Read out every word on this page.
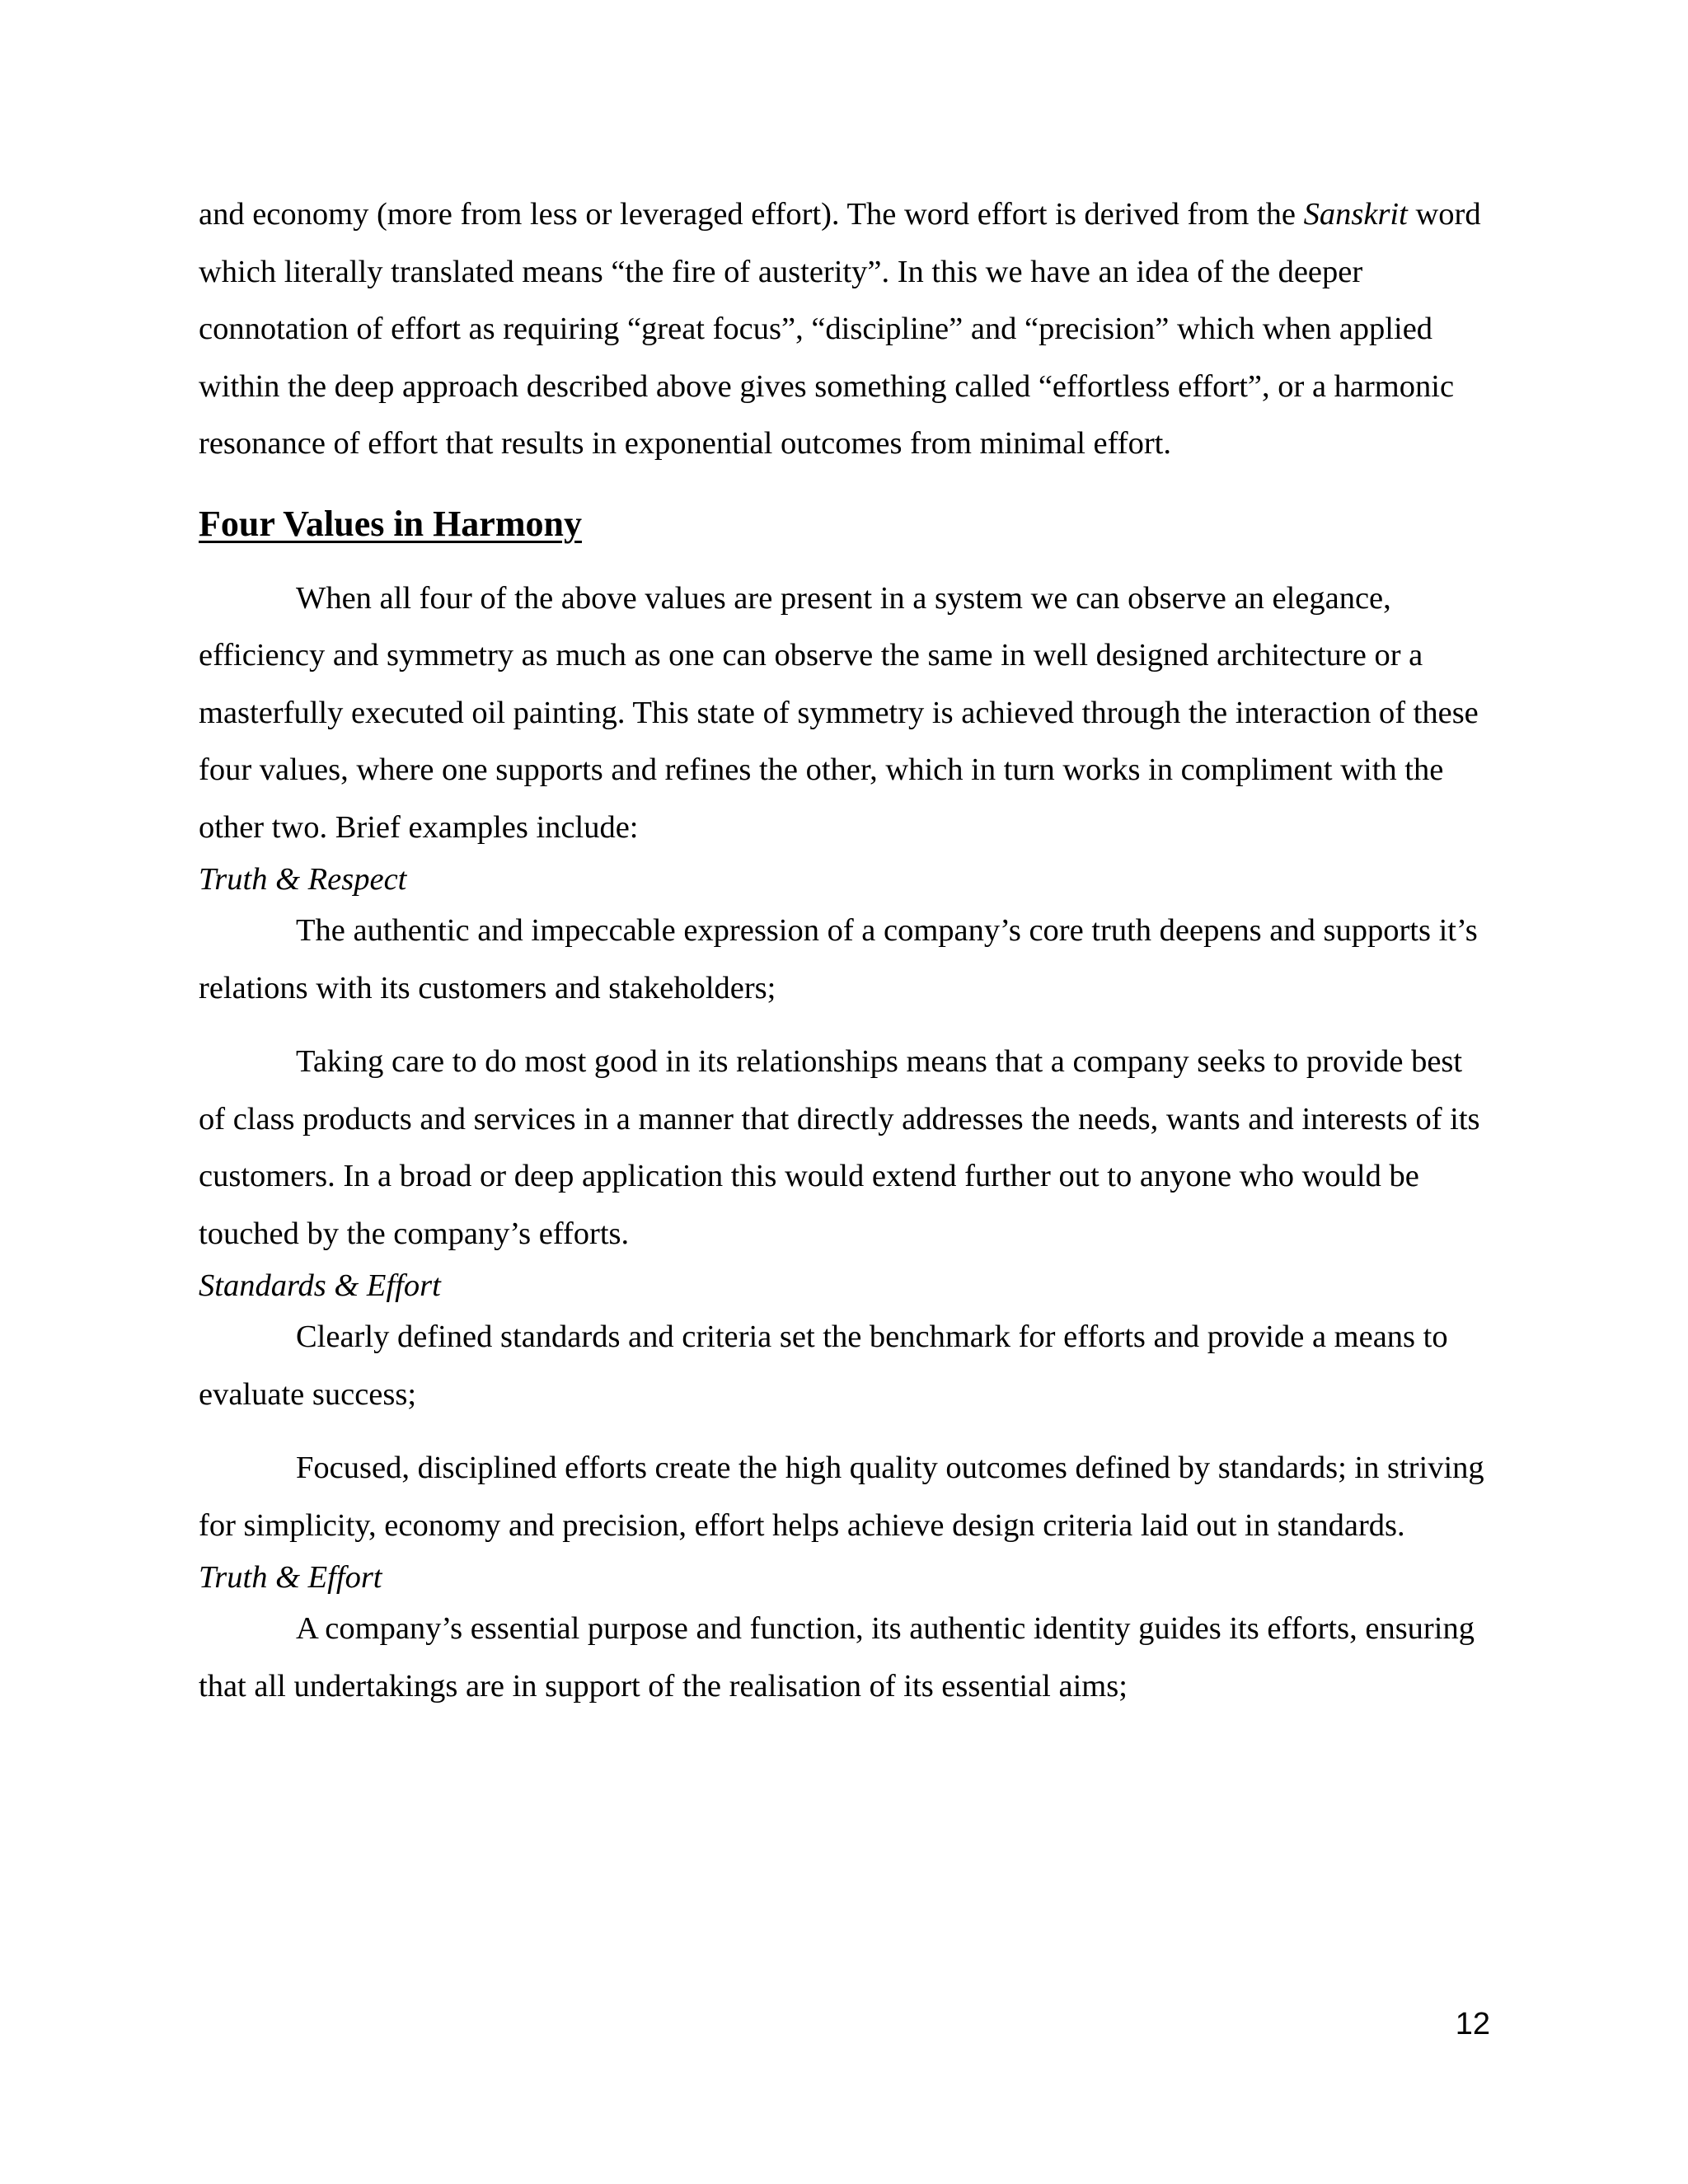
and economy (more from less or leveraged effort). The word effort is derived from the Sanskrit word which literally translated means “the fire of austerity”. In this we have an idea of the deeper connotation of effort as requiring “great focus”, “discipline” and “precision” which when applied within the deep approach described above gives something called “effortless effort”, or a harmonic resonance of effort that results in exponential outcomes from minimal effort.

Four Values in Harmony

When all four of the above values are present in a system we can observe an elegance, efficiency and symmetry as much as one can observe the same in well designed architecture or a masterfully executed oil painting. This state of symmetry is achieved through the interaction of these four values, where one supports and refines the other, which in turn works in compliment with the other two. Brief examples include:

Truth & Respect

The authentic and impeccable expression of a company’s core truth deepens and supports it’s relations with its customers and stakeholders;

Taking care to do most good in its relationships means that a company seeks to provide best of class products and services in a manner that directly addresses the needs, wants and interests of its customers. In a broad or deep application this would extend further out to anyone who would be touched by the company’s efforts.

Standards & Effort

Clearly defined standards and criteria set the benchmark for efforts and provide a means to evaluate success;

Focused, disciplined efforts create the high quality outcomes defined by standards; in striving for simplicity, economy and precision, effort helps achieve design criteria laid out in standards.

Truth & Effort

A company’s essential purpose and function, its authentic identity guides its efforts, ensuring that all undertakings are in support of the realisation of its essential aims;

12
